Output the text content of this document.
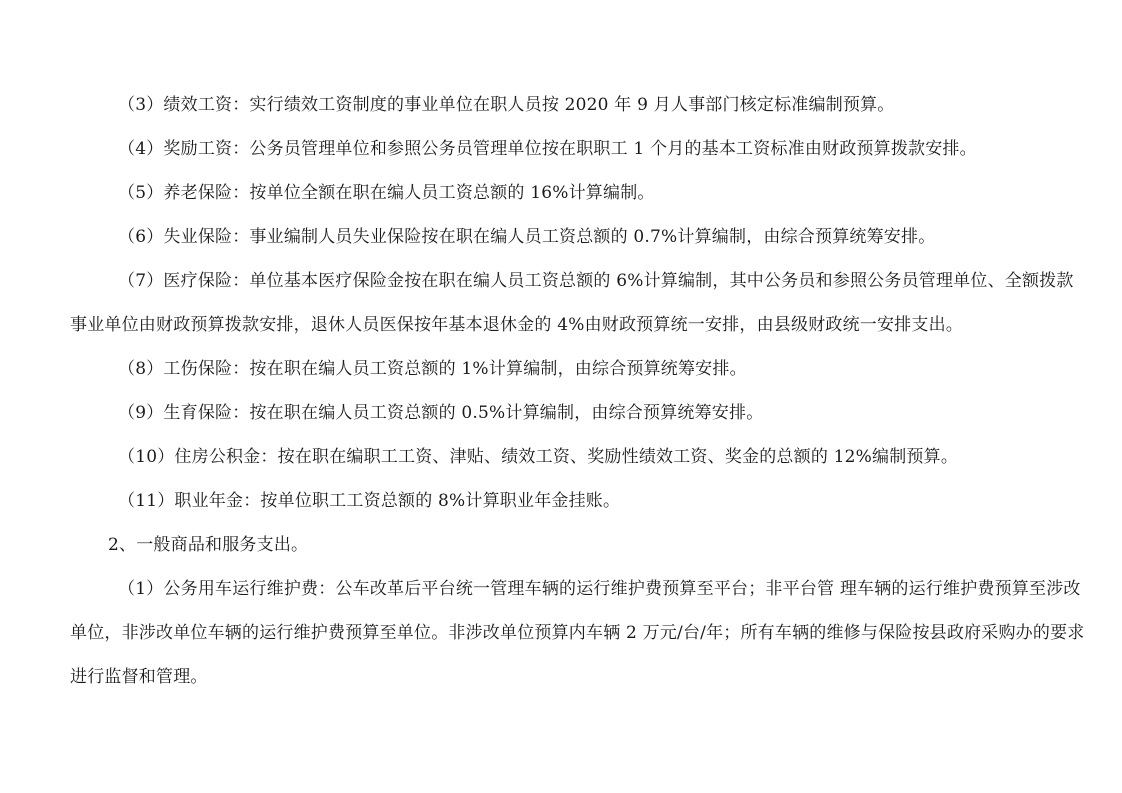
（3）绩效工资：实行绩效工资制度的事业单位在职人员按 2020 年 9 月人事部门核定标准编制预算。

（4）奖励工资：公务员管理单位和参照公务员管理单位按在职职工 1 个月的基本工资标准由财政预算拨款安排。

（5）养老保险：按单位全额在职在编人员工资总额的 16%计算编制。

（6）失业保险：事业编制人员失业保险按在职在编人员工资总额的 0.7%计算编制，由综合预算统筹安排。

（7）医疗保险：单位基本医疗保险金按在职在编人员工资总额的 6%计算编制，其中公务员和参照公务员管理单位、全额拨款事业单位由财政预算拨款安排，退休人员医保按年基本退休金的 4%由财政预算统一安排，由县级财政统一安排支出。

（8）工伤保险：按在职在编人员工资总额的 1%计算编制，由综合预算统筹安排。

（9）生育保险：按在职在编人员工资总额的 0.5%计算编制，由综合预算统筹安排。

（10）住房公积金：按在职在编职工工资、津贴、绩效工资、奖励性绩效工资、奖金的总额的 12%编制预算。

（11）职业年金：按单位职工工资总额的 8%计算职业年金挂账。

2、一般商品和服务支出。

（1）公务用车运行维护费：公车改革后平台统一管理车辆的运行维护费预算至平台；非平台管 理车辆的运行维护费预算至涉改单位，非涉改单位车辆的运行维护费预算至单位。非涉改单位预算内车辆 2 万元/台/年；所有车辆的维修与保险按县政府采购办的要求进行监督和管理。
